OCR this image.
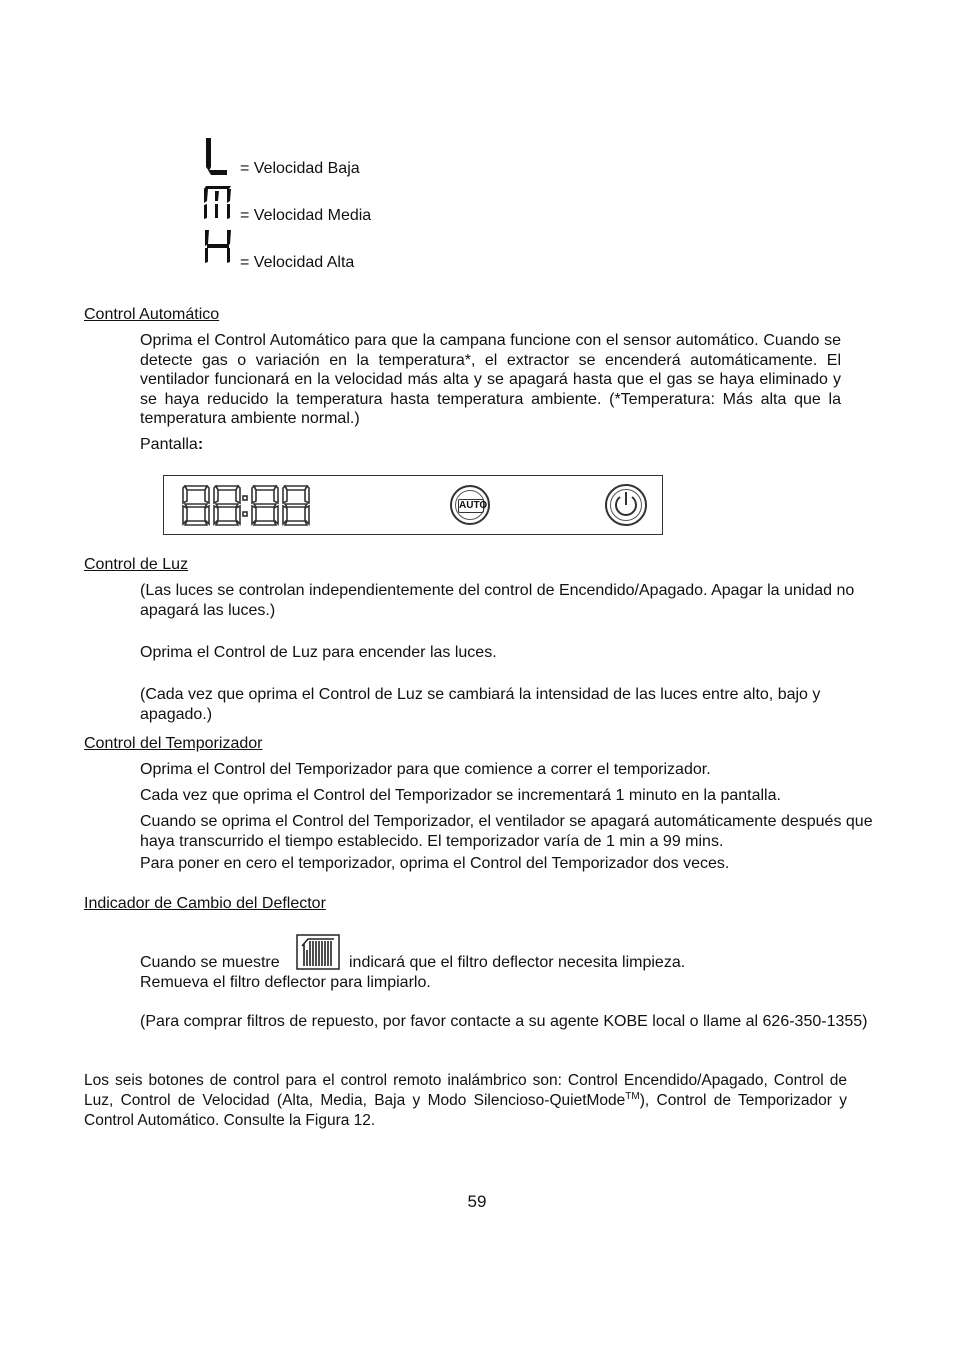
= Velocidad Baja
= Velocidad Media
= Velocidad Alta
Control Automático
Oprima el Control Automático para que la campana funcione con el sensor automático. Cuando se detecte gas o variación en la temperatura*, el extractor se encenderá automáticamente. El ventilador funcionará en la velocidad más alta y se apagará hasta que el gas se haya eliminado y se haya reducido la temperatura hasta temperatura ambiente. (*Temperatura: Más alta que la temperatura ambiente normal.)
Pantalla:
AUTO
Control de Luz
(Las luces se controlan independientemente del control de Encendido/Apagado. Apagar la unidad no apagará las luces.)
Oprima el Control de Luz para encender las luces.
(Cada vez que oprima el Control de Luz se cambiará la intensidad de las luces entre alto, bajo y apagado.)
Control del Temporizador
Oprima el Control del Temporizador para que comience a correr el temporizador.
Cada vez que oprima el Control del Temporizador se incrementará 1 minuto en la pantalla.
Cuando se oprima el Control del Temporizador, el ventilador se apagará automáticamente después que haya transcurrido el tiempo establecido. El temporizador varía de 1 min a 99 mins.
Para poner en cero el temporizador, oprima el Control del Temporizador dos veces.
Indicador de Cambio del Deflector
Cuando se muestre	indicará que el filtro deflector necesita limpieza.
Remueva el filtro deflector para limpiarlo.
(Para comprar filtros de repuesto, por favor contacte a su agente KOBE local o llame al 626-350-1355)
Los seis botones de control para el control remoto inalámbrico son: Control Encendido/Apagado, Control de Luz, Control de Velocidad (Alta, Media, Baja y Modo Silencioso-QuietMode™), Control de Temporizador y Control Automático. Consulte la Figura 12.
59
